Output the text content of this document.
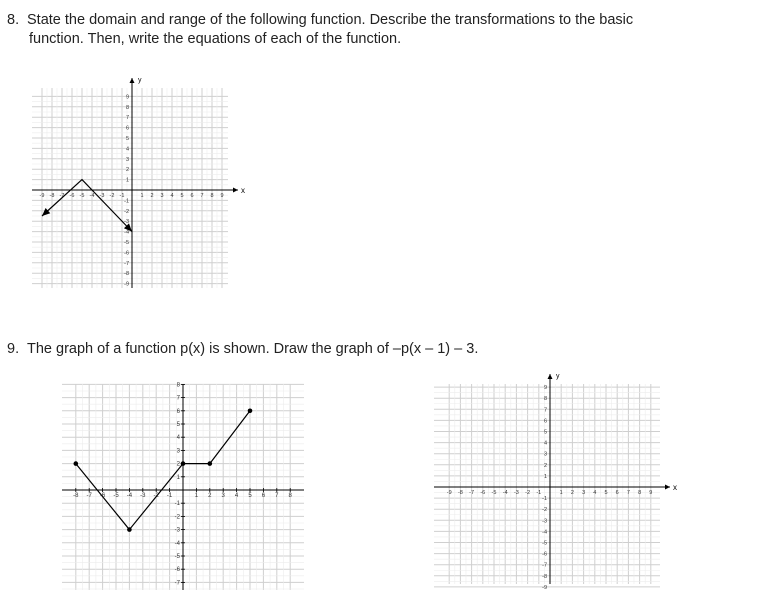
8. State the domain and range of the following function. Describe the transformations to the basic
function. Then, write the equations of each of the function.
x
y
-9 -8 -7 -6 -5 -4 -3 -2 -1	1 2 3 4 5 6 7 8 9
9
8
7
6
5
4
3
2
1
-1
-2
-3
-4
-5
-6
-7
-8
-9
9. The graph of a function p(x) is shown. Draw the graph of –p(x – 1) – 3.
-8 -7 -6 -5 -4 -3 -2 -1	1 2 3 4 5 6 7 8
8
7
6
5
4
3
2
1
-1
-2
-3
-4
-5
-6
-7
x
y
-9 -8 -7 -6 -5 -4 -3 -2 -1	1 2 3 4 5 6 7 8 9
9
8
7
6
5
4
3
2
1
-1
-2
-3
-4
-5
-6
-7
-8
-9
